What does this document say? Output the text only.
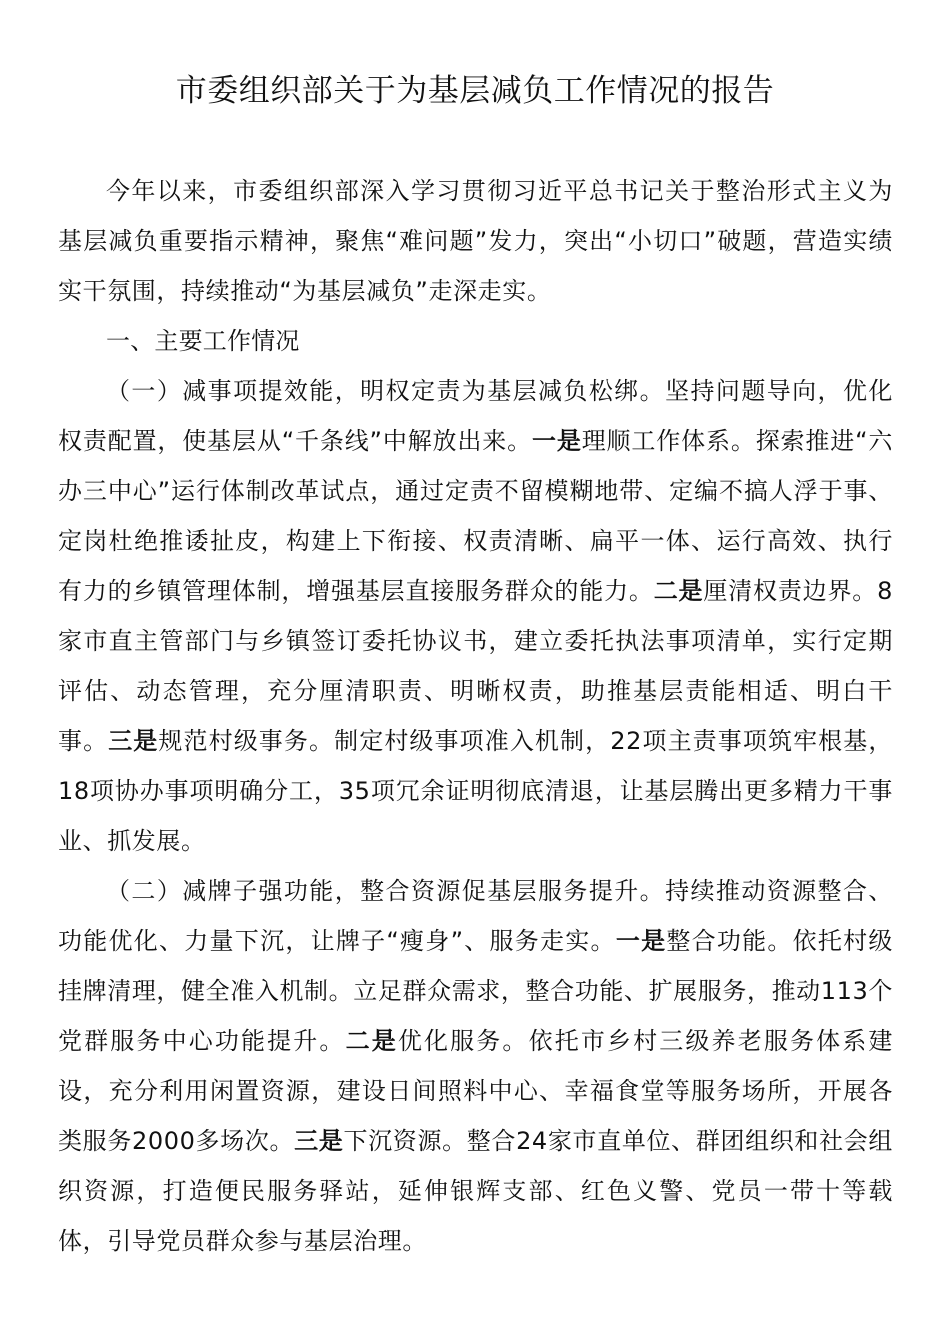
市委组织部关于为基层减负工作情况的报告

今年以来，市委组织部深入学习贯彻习近平总书记关于整治形式主义为基层减负重要指示精神，聚焦“难问题”发力，突出“小切口”破题，营造实绩实干氛围，持续推动“为基层减负”走深走实。

一、主要工作情况

（一）减事项提效能，明权定责为基层减负松绑。坚持问题导向，优化权责配置，使基层从“千条线”中解放出来。一是理顺工作体系。探索推进“六办三中心”运行体制改革试点，通过定责不留模糊地带、定编不搞人浮于事、定岗杜绝推诿扯皮，构建上下衔接、权责清晰、扁平一体、运行高效、执行有力的乡镇管理体制，增强基层直接服务群众的能力。二是厘清权责边界。8家市直主管部门与乡镇签订委托协议书，建立委托执法事项清单，实行定期评估、动态管理，充分厘清职责、明晰权责，助推基层责能相适、明白干事。三是规范村级事务。制定村级事项准入机制，22项主责事项筑牢根基，18项协办事项明确分工，35项冗余证明彻底清退，让基层腾出更多精力干事业、抓发展。

（二）减牌子强功能，整合资源促基层服务提升。持续推动资源整合、功能优化、力量下沉，让牌子“瘦身”、服务走实。一是整合功能。依托村级挂牌清理，健全准入机制。立足群众需求，整合功能、扩展服务，推动113个党群服务中心功能提升。二是优化服务。依托市乡村三级养老服务体系建设，充分利用闲置资源，建设日间照料中心、幸福食堂等服务场所，开展各类服务2000多场次。三是下沉资源。整合24家市直单位、群团组织和社会组织资源，打造便民服务驿站，延伸银辉支部、红色义警、党员一带十等载体，引导党员群众参与基层治理。
